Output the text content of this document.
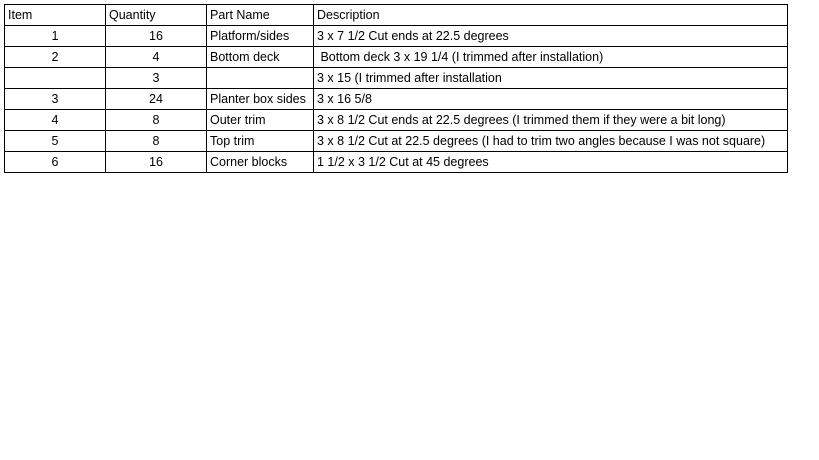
Item	Quantity	Part Name	Description
1	16	Platform/sides	3 x 7 1/2 Cut ends at 22.5 degrees
2	4	Bottom deck	Bottom deck 3 x 19 1/4 (I trimmed after installation)
	3		3 x 15 (I trimmed after installation
3	24	Planter box sides	3 x 16 5/8
4	8	Outer trim	3 x 8 1/2 Cut ends at 22.5 degrees (I trimmed them if they were a bit long)
5	8	Top trim	3 x 8 1/2 Cut at 22.5 degrees (I had to trim two angles because I was not square)
6	16	Corner blocks	1 1/2 x 3 1/2 Cut at 45 degrees
